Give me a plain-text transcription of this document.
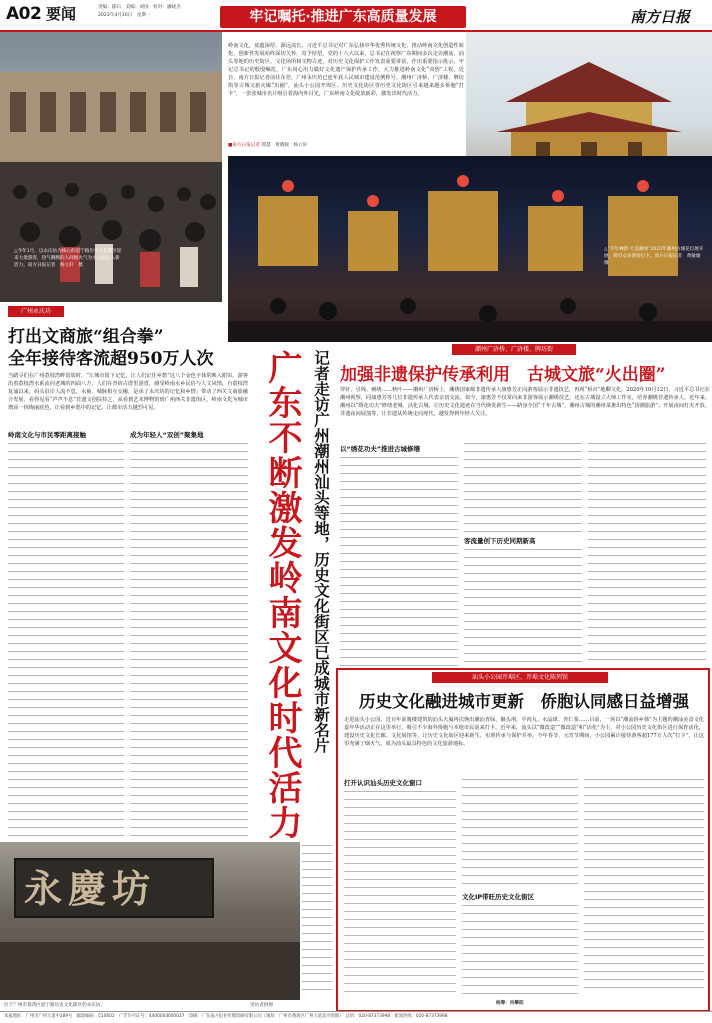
A02 要闻	责编：郁石　美编：刘国　校对：潘晓杰
2023年4月10日　星期一	牢记嘱托·推进广东高质量发展	南方日报
△今年1月，以永庆坊为核心的恩宁路历史文化街区迎来大批游客，热气腾腾的人间烟火气为小公园注入新活力。南方日报记者　杨立轩　摄
岭南文化，底蕴深厚，源远流长。习近平总书记对广东弘扬中华优秀传统文化、推动岭南文化创造性转化、创新性发展始终深切关怀、寄予厚望。党的十八大以来，总书记在视察广东期间多次走访潮汕、汕头等地的历史街区、文化场所和文物古迹，对历史文化保护工作发表重要讲话，作出重要指示批示。牢记总书记的殷殷嘱托，广东用心用力做好文化遗产保护传承工作，大力推进岭南文化“双创”工程。近日，南方日报记者前往东莞、广州永庆坊已连年获人民城市建设范例称号、潮州广济桥、广济楼、牌坊街等古城文旅火爆“出圈”，汕头小公园开埠区、历史文化街区等历史文化街区引来越来越多侨胞“打卡”，一张张城市名片吸引着海内外目光，广东岭南文化绽放新彩，激发出时代活力。
■南方日报记者 郎慧　黄晓骏　杨立轩
△“千年神韵·大美潮州”2023年潮州古城花灯展开展，吸引众多游客打卡。南方日报记者　黄敏璇　摄
广州永庆坊
打出文商旅“组合拳”
全年接待客流超950万人次
当踏寻们在广州荔枝湾畔留影时，“让城市留下记忆，让人们记住乡愁”这八个金色字体常映入眼帘。游客沿着荔枝湾水系流向老城的四面八方，人们在青砖古厝里游赏，感受岭南水乡民俗与人文风情。自荔枝湾复涌以来，码头沿岸人流不息，水袖、城脉相互交融，是承了永庆坊的记忆和乡情；带动了西关文商旅融合发展、看得见看“声声不息”非遗文创扶持之，从看到艺术博物馆到广州西关非遗街区，岭南文化为城市增添一抹绚丽底色，让看到乡愁中的记忆，让都市活力越烈可见。
岭南文化与市民零距离接触	成为年轻人“双创”聚集地
永慶坊
位于广州市荔湾区恩宁路历史文化街区的永庆坊。	受访者供图
广东不断激发岭南文化时代活力 记者走访广州潮州汕头等地，历史文化街区已成城市新名片
潮州广济桥、广济楼、牌坊街
加强非遗保护传承利用　古城文旅“火出圈”
穿针、引线、刺绣……秋叶——潮州广济桥上，潮绣国家级非遗传承人康惠芳正向游客展示非遗技艺，再现“桥市”地聊文化。2020年10月12日，习近平总书记在潮州视察，同康惠芳等几位非遗传承人代表亲切交流。如今，康惠芳不仅常向来非游客展示潮绣技艺，还在古城设立大师工作室，培养潮绣非遗传承人。近年来，潮州以“绣花功夫”修缮老城、活化古城，让历史文化遗迹在当代焕发新生——跻身全国“千年古城”，潮州古城的潮州菜推出特色“国潮旅游”；开展夜间灯火开放、非遗夜间展演等，让非遗从传统走向现代，越发得到年轻人关注。
以“绣花功夫”推进古城修缮
客流量创下历史同期新高
汕头小公园开埠区、开埠文化陈列馆
历史文化融进城市更新　侨胞认同感日益增强
走进汕头小公园，近百年前骑楼建筑的汕头大厦再次焕出潮汕青绿，额头荆、半肉丸、水晶球、杏仁茶……目前，一场以“潮流侨乡韩”为主题的潮汕美食文化嘉年华活动正在这里举行，吸引不少海外侨胞与本地市民前来打卡。近年来，汕头以“微改造”“微改造”和“活化”为主，对小公园历史文化街区进行保育活化，建设历史文化长廊、文化展馆等，让历史文化街区迎来新生，实现传承与保护并举。今年春节、元宵节期间，小公园累计接待游客超177万人次“打卡”，让这里充满了烟火气，成为汕头最具特色的文化旅游地标。
打开认识汕头历史文化窗口
文化IP带旺历史文化街区
统筹：肖攀阳
本报地址：广州市广州大道中289号　邮政编码：510601　广告许可证号：4400004000027　印刷：广东南方报业传媒印刷有限公司（地址：广州市番禺区广州大道北沙湾镇）　总机：020-87373998　新闻热线：020-87373998
